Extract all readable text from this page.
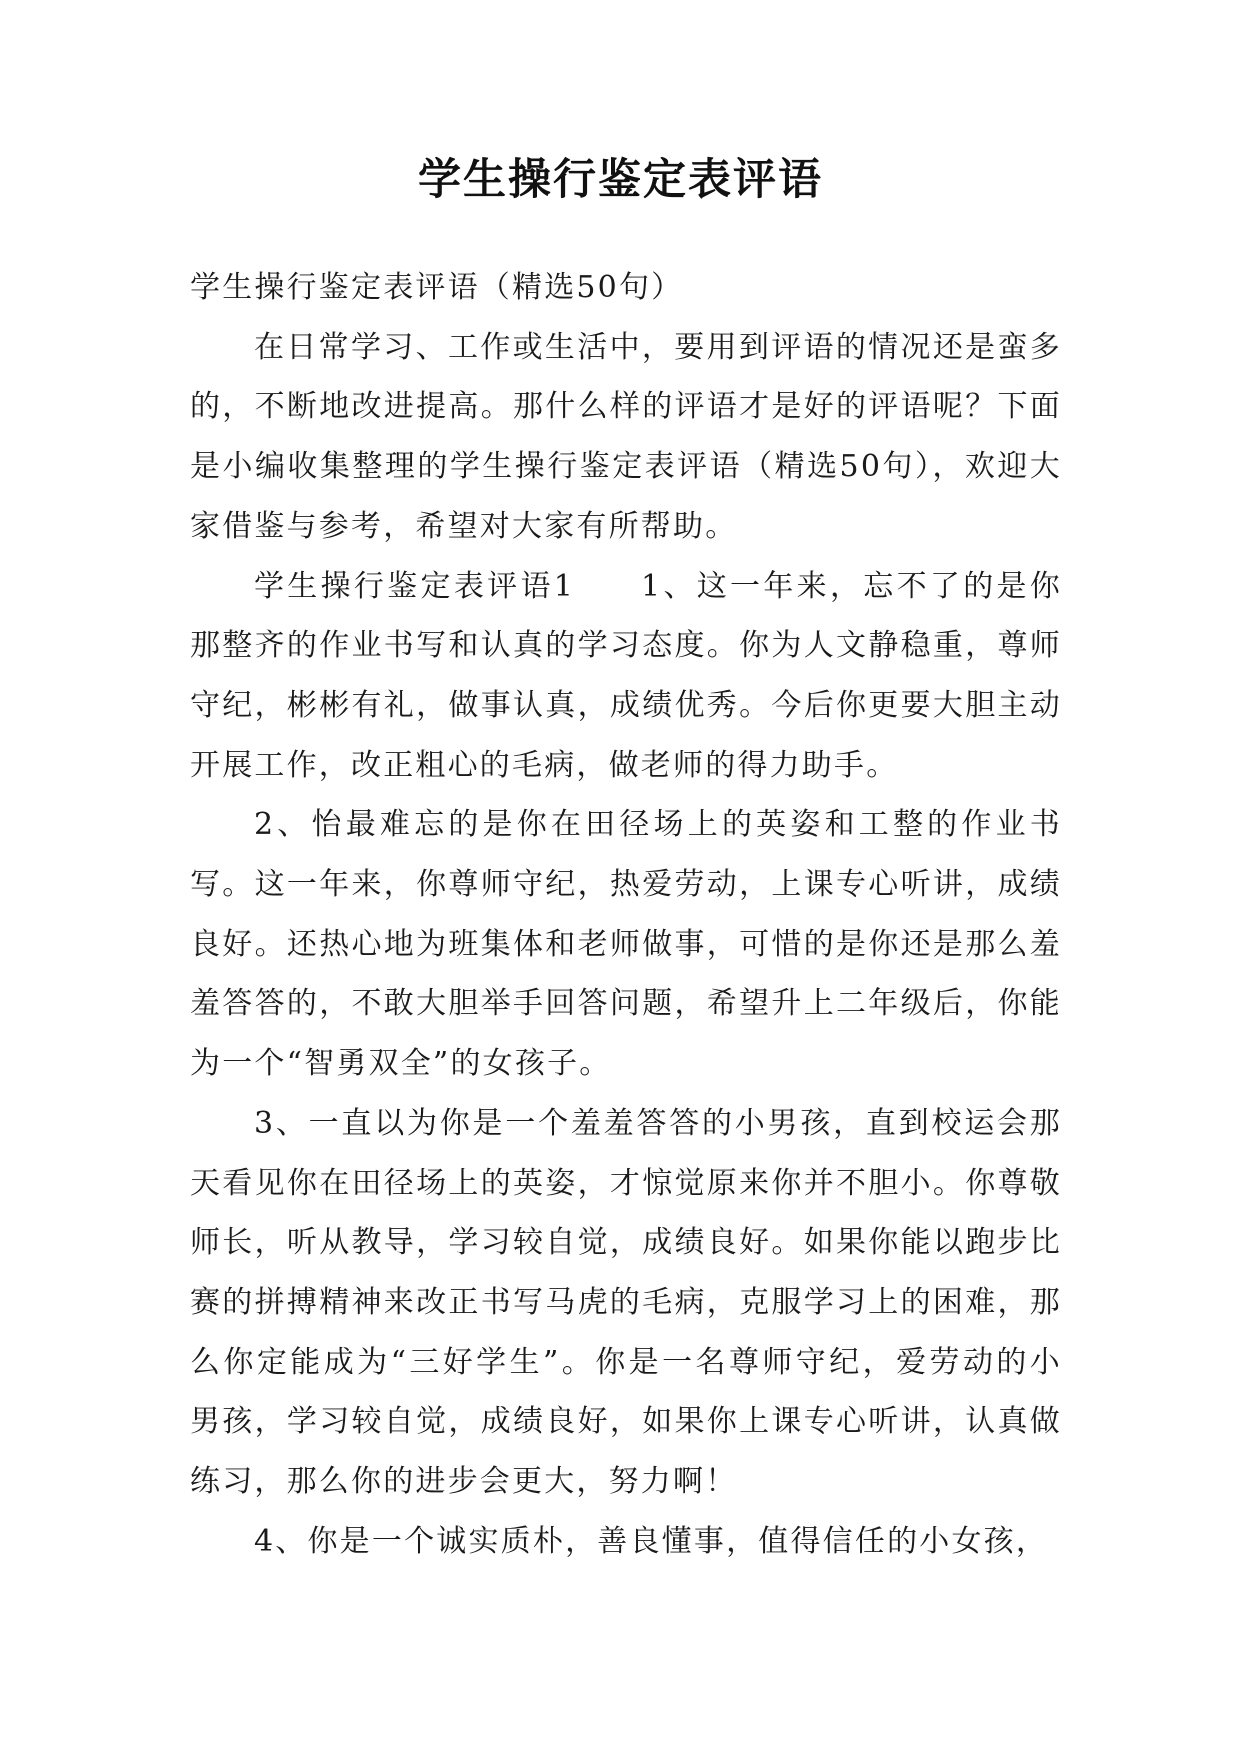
学生操行鉴定表评语

学生操行鉴定表评语（精选50句）

在日常学习、工作或生活中，要用到评语的情况还是蛮多的，不断地改进提高。那什么样的评语才是好的评语呢？下面是小编收集整理的学生操行鉴定表评语（精选50句），欢迎大家借鉴与参考，希望对大家有所帮助。

学生操行鉴定表评语1 1、这一年来，忘不了的是你那整齐的作业书写和认真的学习态度。你为人文静稳重，尊师守纪，彬彬有礼，做事认真，成绩优秀。今后你更要大胆主动开展工作，改正粗心的毛病，做老师的得力助手。

2、怡最难忘的是你在田径场上的英姿和工整的作业书写。这一年来，你尊师守纪，热爱劳动，上课专心听讲，成绩良好。还热心地为班集体和老师做事，可惜的是你还是那么羞羞答答的，不敢大胆举手回答问题，希望升上二年级后，你能为一个“智勇双全”的女孩子。

3、一直以为你是一个羞羞答答的小男孩，直到校运会那天看见你在田径场上的英姿，才惊觉原来你并不胆小。你尊敬师长，听从教导，学习较自觉，成绩良好。如果你能以跑步比赛的拼搏精神来改正书写马虎的毛病，克服学习上的困难，那么你定能成为“三好学生”。你是一名尊师守纪，爱劳动的小男孩，学习较自觉，成绩良好，如果你上课专心听讲，认真做练习，那么你的进步会更大，努力啊！

4、你是一个诚实质朴，善良懂事，值得信任的小女孩，
